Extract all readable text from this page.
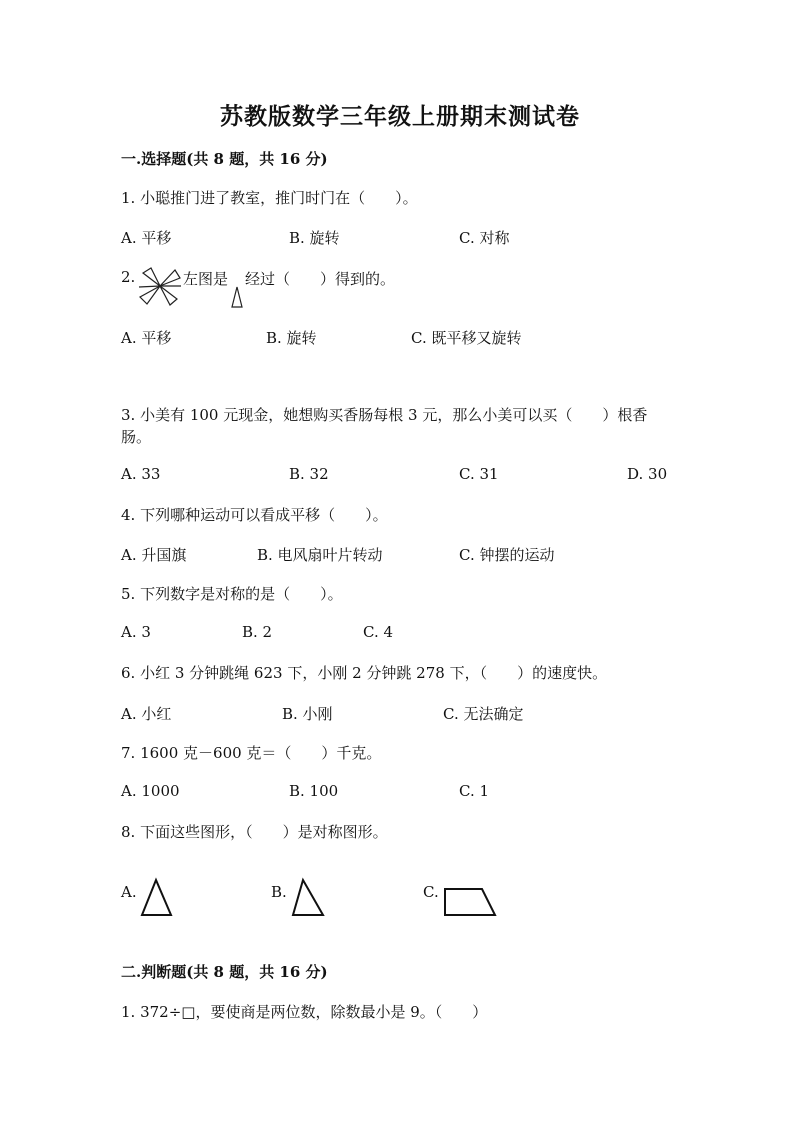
苏教版数学三年级上册期末测试卷
一.选择题(共 8 题，共 16 分)
1. 小聪推门进了教室，推门时门在（　　）。
A. 平移	B. 旋转	C. 对称
2.	左图是 经过（　　）得到的。
A. 平移	B. 旋转	C. 既平移又旋转
3. 小美有 100 元现金，她想购买香肠每根 3 元，那么小美可以买（　　）根香
肠。
A. 33	B. 32	C. 31	D. 30
4. 下列哪种运动可以看成平移（　　）。
A. 升国旗	B. 电风扇叶片转动	C. 钟摆的运动
5. 下列数字是对称的是（　　）。
A. 3	B. 2	C. 4
6. 小红 3 分钟跳绳 623 下，小刚 2 分钟跳 278 下，（　　）的速度快。
A. 小红	B. 小刚	C. 无法确定
7. 1600 克－600 克＝（　　）千克。
A. 1000	B. 100	C. 1
8. 下面这些图形，（　　）是对称图形。
A.	B.	C.
二.判断题(共 8 题，共 16 分)
1. 372÷□，要使商是两位数，除数最小是 9。（　　）
